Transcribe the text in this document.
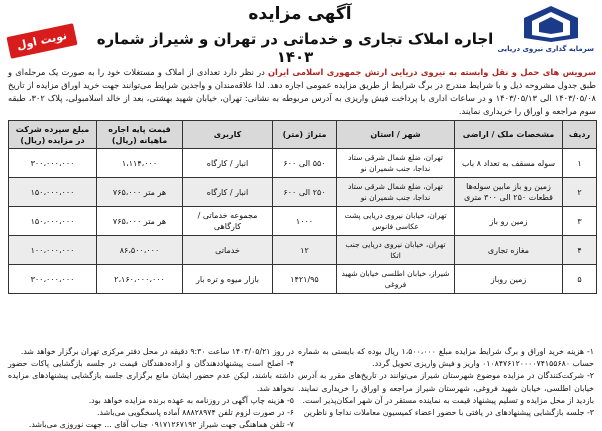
سرمایه گذاری نیروی دریایی
آگهی مزایده
اجاره املاک تجاری و خدماتی در تهران و شیراز شماره ۱۴۰۳
نوبت اول
سرویس های حمل و نقل وابسته به نیروی دریایی ارتش جمهوری اسلامی ایران در نظر دارد تعدادی از املاک و مستغلات خود را به صورت یک مرحله‌ای و طبق جدول مشروحه ذیل و با شرایط مندرج در برگ شرایط از طریق مزایده عمومی اجاره دهد. لذا علاقه‌مندان و واجدین شرایط می‌توانند جهت خرید اوراق مزایده از تاریخ ۱۴۰۳/۰۵/۰۸ الی ۱۴۰۳/۰۵/۱۳ و در ساعات اداری با پرداخت فیش واریزی به آدرس مربوطه به نشانی: تهران، خیابان شهید بهشتی، بعد از خالد اسلامبولی، پلاک ۳۰۲، طبقه سوم مراجعه و اوراق را خریداری نمایند.
ردیف	مشخصات ملک / اراضی	شهر / استان	متراژ (متر)	کاربری	قیمت پایه اجاره ماهیانه (ریال)	مبلغ سپرده شرکت در مزایده (ریال)
۱	سوله مسقف به تعداد ۸ باب	تهران، ضلع شمال شرقی ستاد نداجا، جنب شمیران نو	۵۵۰ الی ۶۰۰	انبار / کارگاه	۱،۱۱۴،۰۰۰	۳۰۰،۰۰۰،۰۰۰
۲	زمین رو باز مابین سوله‌ها قطعات ۲۵۰ الی ۳۰۰ متری	تهران، ضلع شمال شرقی ستاد نداجا، جنب شمیران نو	۲۵۰ الی ۶۰۰	انبار / کارگاه	هر متر ۷۶۵،۰۰۰	۱۵۰،۰۰۰،۰۰۰
۳	زمین رو باز	تهران، خیابان نیروی دریایی پشت عکاسی فانوس	۱۰۰۰	مجموعه خدماتی / کارگاهی	هر متر ۷۶۵،۰۰۰	۱۵۰،۰۰۰،۰۰۰
۴	مغازه تجاری	تهران، خیابان نیروی دریایی جنب اتکا	۱۲	خدماتی	۸۶،۵۰۰،۰۰۰	۱۰۰،۰۰۰،۰۰۰
۵	زمین روباز	شیراز، خیابان اطلسی خیابان شهید فروغی	۱۴۲۱/۹۵	بازار میوه و تره بار	۲،۱۶۰،۰۰۰،۰۰۰	۳۰۰،۰۰۰،۰۰۰
۱- هزینه خرید اوراق و برگ شرایط مزایده مبلغ ۱،۵۰۰،۰۰۰ ریال بوده که بایستی به شماره حساب ۰۱۰۸۴۷۶۱۲۰۰۰۰۷۴۱۵۵۶۸۰ واریز و فیش واریزی تحویل گردد.
۲- شرکت‌کنندگان در مزایده موضوع شهرستان شیراز می‌توانند در تاریخ‌های مقرر به آدرس خیابان اطلسی، خیابان شهید فروغی، شهرستان شیراز مراجعه و اوراق را خریداری نمایند. بازدید از محل مزایده و تسلیم پیشنهاد قیمت به نماینده مستقر در آن شهر امکان‌پذیر است.
۳- جلسه بازگشایی پیشنهادهای در یافتی با حضور اعضاء کمیسیون معاملات نداجا و ناظرین
در روز ۱۴۰۳/۰۵/۲۱ ساعت ۹:۳۰ دقیقه در محل دفتر مرکزی تهران برگزار خواهد شد.
۴- اصلح است پیشنهاددهندگان و اراده‌دهندگان قیمت در جلسه بازگشایی پاکات حضور داشته باشند، لیکن عدم حضور ایشان مانع برگزاری جلسه بازگشایی پیشنهادهای مزایده نخواهد شد.
۵- هزینه چاپ آگهی در روزنامه به عهده برنده مزایده خواهد بود.
۶- در صورت لزوم تلفن ۸۸۸۲۸۹۷۴ آماده پاسخگویی می‌باشد.
۷- تلفن هماهنگی جهت شیراز ۰۹۱۷۱۲۶۷۱۹۲ جناب آقای ... جهت نوروزی می‌باشد.
